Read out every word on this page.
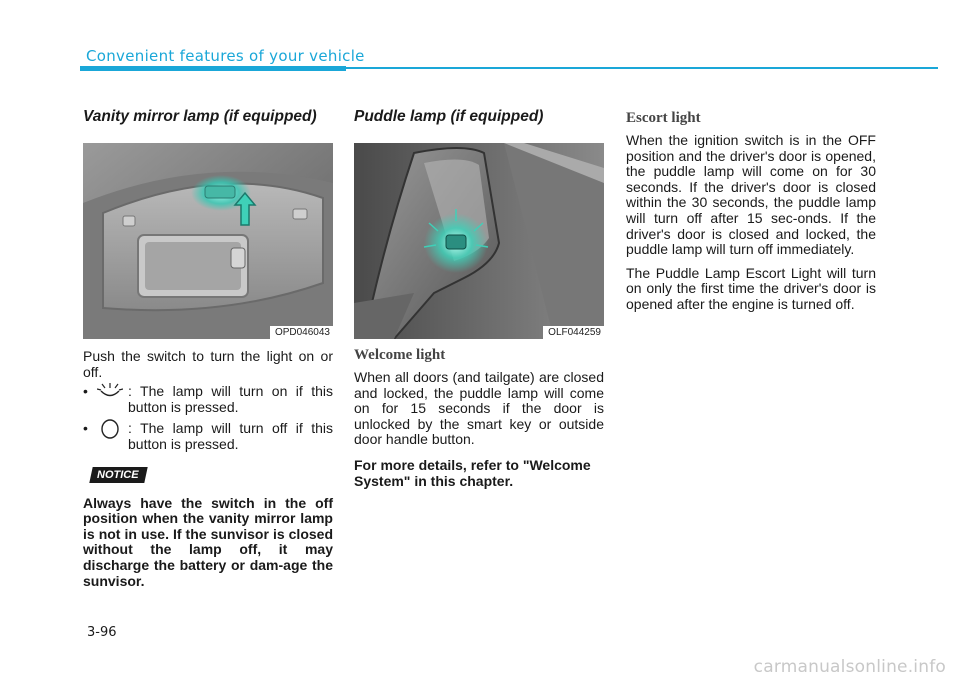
Convenient features of your vehicle
Vanity mirror lamp (if equipped)
OPD046043

Push the switch to turn the light on or off.

•	: The lamp will turn on if this button is pressed.
•	: The lamp will turn off if this button is pressed.
NOTICE

Always have the switch in the off position when the vanity mirror lamp is not in use. If the sunvisor is closed without the lamp off, it may discharge the battery or dam-age the sunvisor.

Puddle lamp (if equipped)
OLF044259
Welcome light

When all doors (and tailgate) are closed and locked, the puddle lamp will come on for 15 seconds if the door is unlocked by the smart key or outside door handle button.

For more details, refer to "Welcome System" in this chapter.

Escort light

When the ignition switch is in the OFF position and the driver's door is opened, the puddle lamp will come on for 30 seconds. If the driver's door is closed within the 30 seconds, the puddle lamp will turn off after 15 sec-onds. If the driver's door is closed and locked, the puddle lamp will turn off immediately.

The Puddle Lamp Escort Light will turn on only the first time the driver's door is opened after the engine is turned off.

3-96
carmanualsonline.info
